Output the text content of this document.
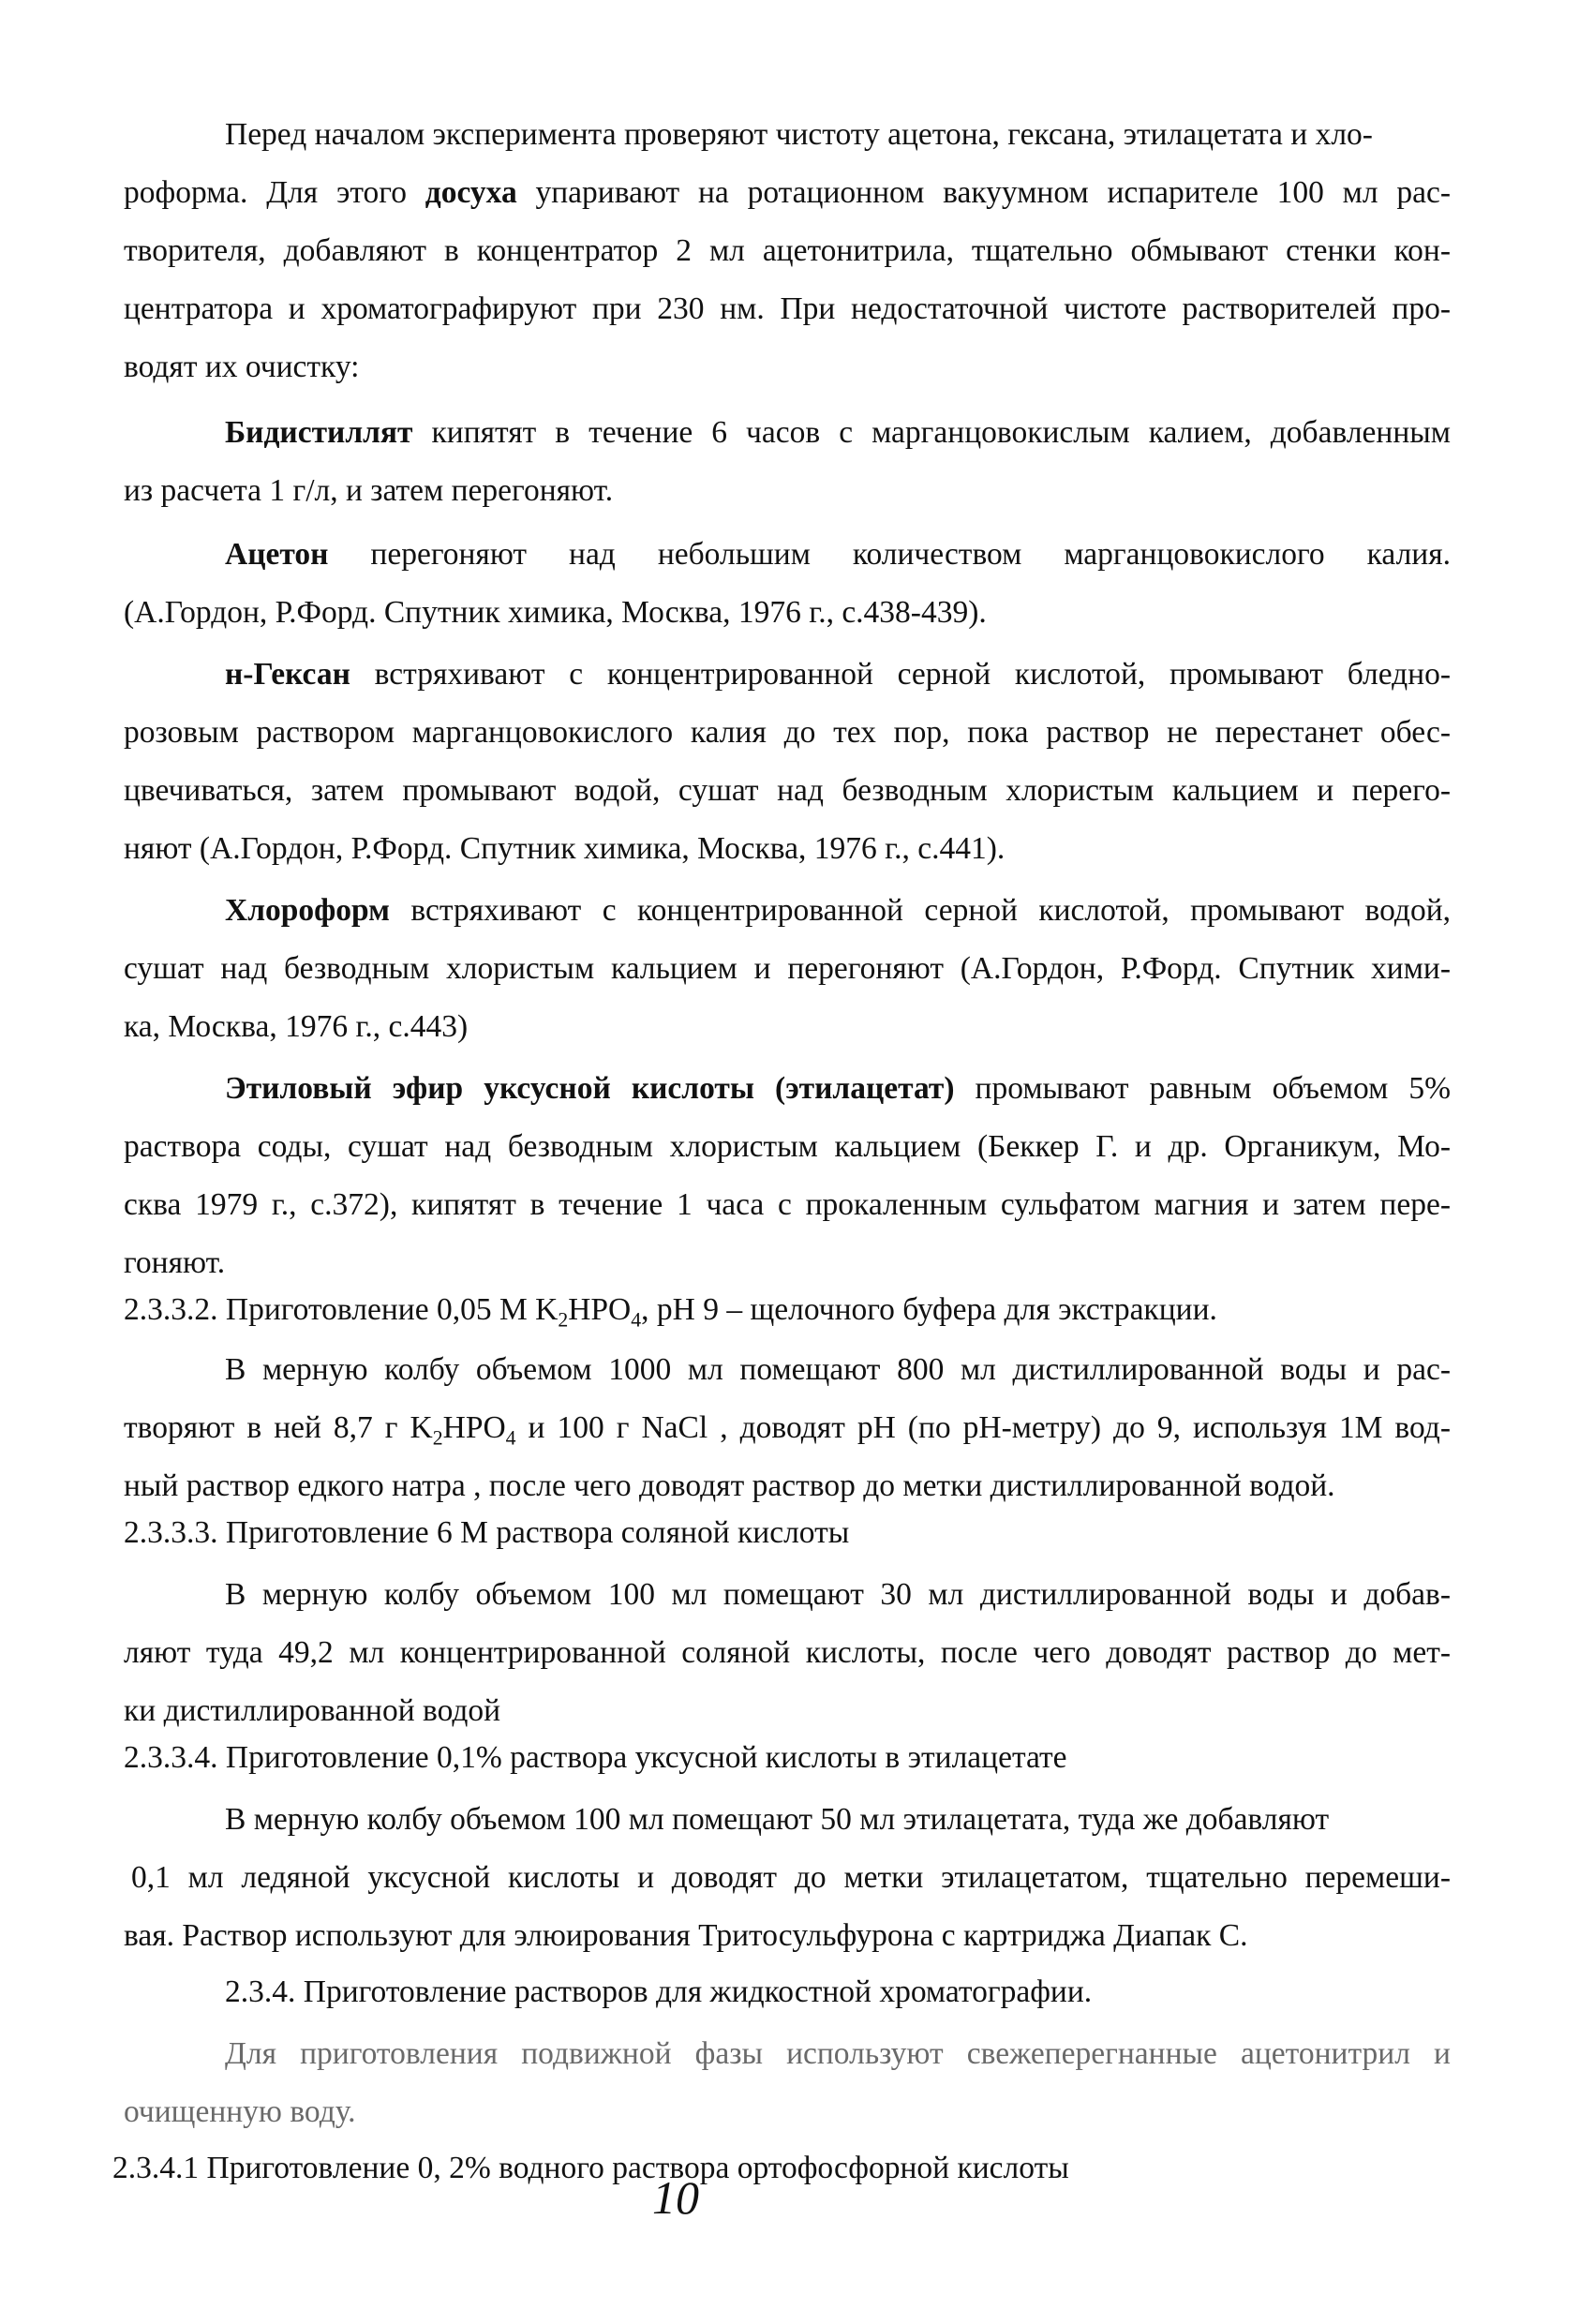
Перед началом эксперимента проверяют чистоту ацетона, гексана, этилацетата и хло-
роформа. Для этого досуха упаривают на ротационном вакуумном испарителе 100 мл рас-
творителя, добавляют в концентратор 2 мл ацетонитрила, тщательно обмывают стенки кон-
центратора и хроматографируют при 230 нм. При недостаточной чистоте растворителей про-
водят их очистку:
Бидистиллят кипятят в течение 6 часов с марганцовокислым калием, добавленным
из расчета 1 г/л, и затем перегоняют.
Ацетон перегоняют над небольшим количеством марганцовокислого калия.
(А.Гордон, Р.Форд. Спутник химика, Москва, 1976 г., с.438-439).
н-Гексан встряхивают с концентрированной серной кислотой, промывают бледно-
розовым раствором марганцовокислого калия до тех пор, пока раствор не перестанет обес-
цвечиваться, затем промывают водой, сушат над безводным хлористым кальцием и перего-
няют (А.Гордон, Р.Форд. Спутник химика, Москва, 1976 г., с.441).
Хлороформ встряхивают с концентрированной серной кислотой, промывают водой,
сушат над безводным хлористым кальцием и перегоняют (А.Гордон, Р.Форд. Спутник хими-
ка, Москва, 1976 г., с.443)
Этиловый эфир уксусной кислоты (этилацетат) промывают равным объемом 5%
раствора соды, сушат над безводным хлористым кальцием (Беккер Г. и др. Органикум, Мо-
сква 1979 г., с.372), кипятят в течение 1 часа с прокаленным сульфатом магния и затем пере-
гоняют.
2.3.3.2. Приготовление 0,05 М $K_2HPO_4$, рН 9 – щелочного буфера для экстракции.
В мерную колбу объемом 1000 мл помещают 800 мл дистиллированной воды и рас-
творяют в ней 8,7 г $K_2HPO_4$ и 100 г NaCl , доводят рН (по рН-метру) до 9, используя 1М вод-
ный раствор едкого натра , после чего доводят раствор до метки дистиллированной водой.
2.3.3.3. Приготовление 6 М раствора соляной кислоты
В мерную колбу объемом 100 мл помещают 30 мл дистиллированной воды и добав-
ляют туда 49,2 мл концентрированной соляной кислоты, после чего доводят раствор до мет-
ки дистиллированной водой
2.3.3.4. Приготовление 0,1% раствора уксусной кислоты в этилацетате
В мерную колбу объемом 100 мл помещают 50 мл этилацетата, туда же добавляют
0,1 мл ледяной уксусной кислоты и доводят до метки этилацетатом, тщательно перемеши-
вая. Раствор используют для элюирования Тритосульфурона с картриджа Диапак С.
2.3.4. Приготовление растворов для жидкостной хроматографии.
Для приготовления подвижной фазы используют свежеперегнанные ацетонитрил и
очищенную воду.
2.3.4.1 Приготовление 0, 2% водного раствора ортофосфорной кислоты
10
